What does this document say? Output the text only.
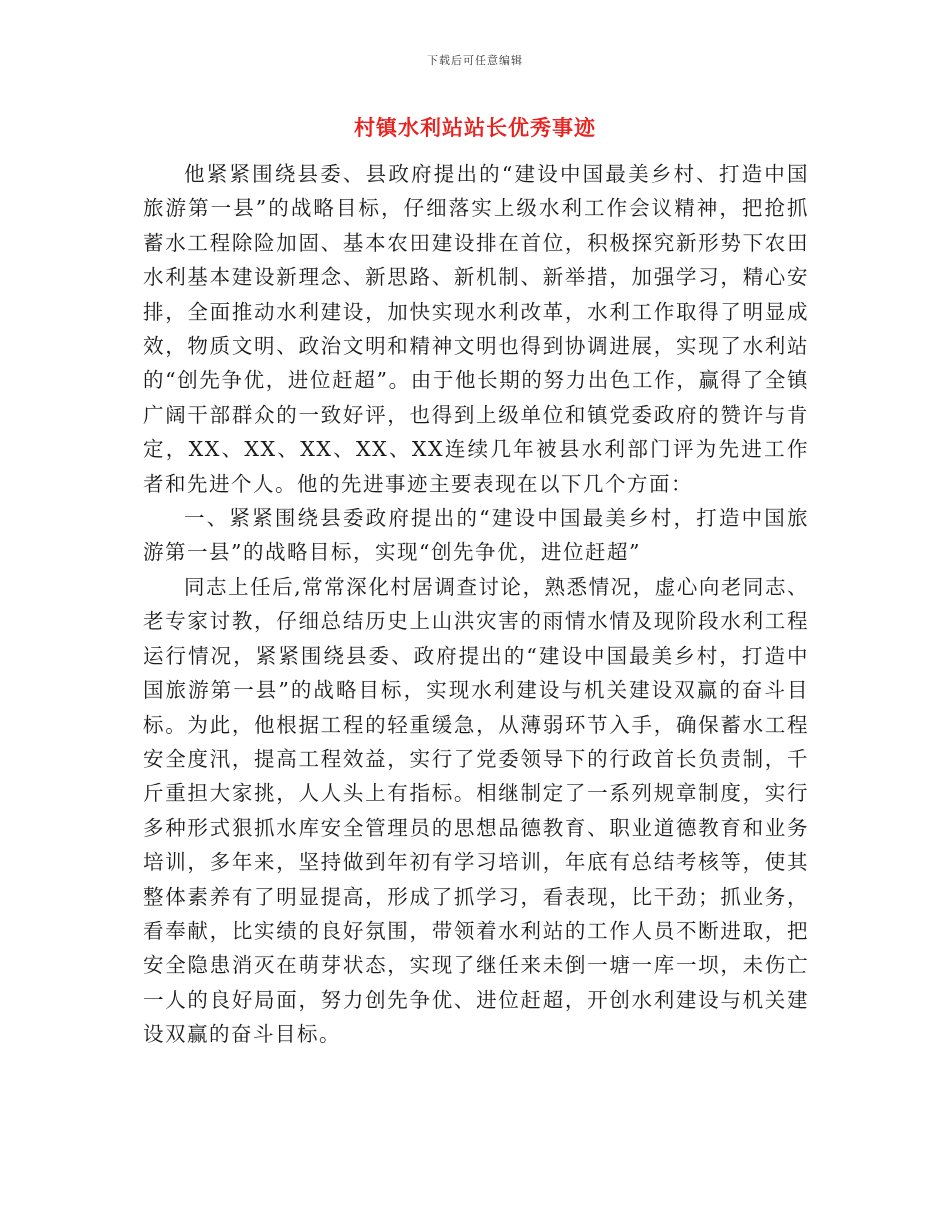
下载后可任意编辑
村镇水利站站长优秀事迹

他紧紧围绕县委、县政府提出的“建设中国最美乡村、打造中国旅游第一县”的战略目标，仔细落实上级水利工作会议精神，把抢抓蓄水工程除险加固、基本农田建设排在首位，积极探究新形势下农田水利基本建设新理念、新思路、新机制、新举措，加强学习，精心安排，全面推动水利建设，加快实现水利改革，水利工作取得了明显成效，物质文明、政治文明和精神文明也得到协调进展，实现了水利站的“创先争优，进位赶超”。由于他长期的努力出色工作，赢得了全镇广阔干部群众的一致好评，也得到上级单位和镇党委政府的赞许与肯定，XX、XX、XX、XX、XX连续几年被县水利部门评为先进工作者和先进个人。他的先进事迹主要表现在以下几个方面：

一、紧紧围绕县委政府提出的“建设中国最美乡村，打造中国旅游第一县”的战略目标，实现“创先争优，进位赶超”

同志上任后,常常深化村居调查讨论，熟悉情况，虚心向老同志、老专家讨教，仔细总结历史上山洪灾害的雨情水情及现阶段水利工程运行情况，紧紧围绕县委、政府提出的“建设中国最美乡村，打造中国旅游第一县”的战略目标，实现水利建设与机关建设双赢的奋斗目标。为此，他根据工程的轻重缓急，从薄弱环节入手，确保蓄水工程安全度汛，提高工程效益，实行了党委领导下的行政首长负责制，千斤重担大家挑，人人头上有指标。相继制定了一系列规章制度，实行多种形式狠抓水库安全管理员的思想品德教育、职业道德教育和业务培训，多年来，坚持做到年初有学习培训，年底有总结考核等，使其整体素养有了明显提高，形成了抓学习，看表现，比干劲；抓业务，看奉献，比实绩的良好氛围，带领着水利站的工作人员不断进取，把安全隐患消灭在萌芽状态，实现了继任来未倒一塘一库一坝，未伤亡一人的良好局面，努力创先争优、进位赶超，开创水利建设与机关建设双赢的奋斗目标。
